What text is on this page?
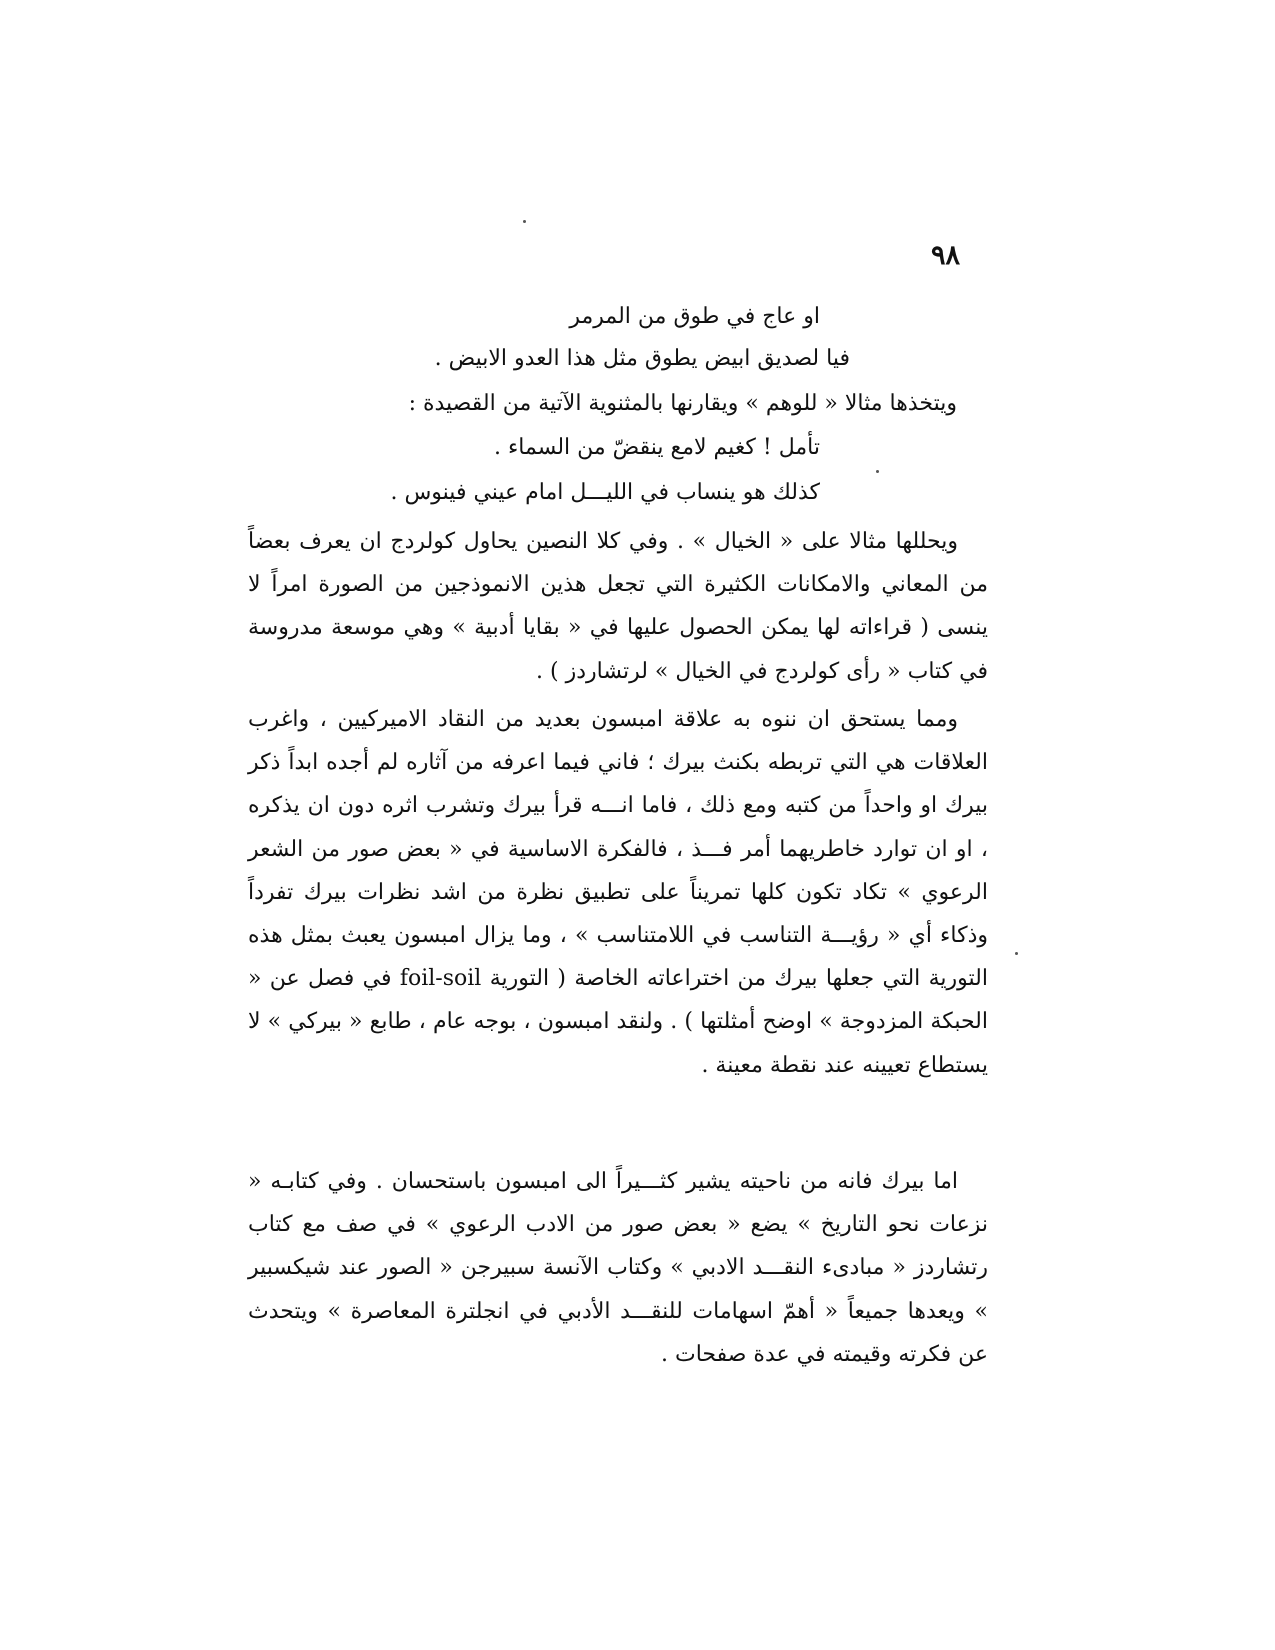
٩٨
او عاج في طوق من المرمر
فيا لصديق ابيض يطوق مثل هذا العدو الابيض .
ويتخذها مثالا « للوهم » ويقارنها بالمثنوية الآتية من القصيدة :
تأمل ! كغيم لامع ينقضّ من السماء .
كذلك هو ينساب في الليـــل امام عيني فينوس .
ويحللها مثالا على « الخيال » . وفي كلا النصين يحاول كولردج ان يعرف بعضاً من المعاني والامكانات الكثيرة التي تجعل هذين الانموذجين من الصورة امراً لا ينسى ( قراءاته لها يمكن الحصول عليها في « بقايا أدبية » وهي موسعة مدروسة في كتاب « رأى كولردج في الخيال » لرتشاردز ) .
ومما يستحق ان ننوه به علاقة امبسون بعديد من النقاد الاميركيين ، واغرب العلاقات هي التي تربطه بكنث بيرك ؛ فاني فيما اعرفه من آثاره لم أجده ابداً ذكر بيرك او واحداً من كتبه ومع ذلك ، فاما انـــه قرأ بيرك وتشرب اثره دون ان يذكره ، او ان توارد خاطريهما أمر فـــذ ، فالفكرة الاساسية في « بعض صور من الشعر الرعوي » تكاد تكون كلها تمريناً على تطبيق نظرة من اشد نظرات بيرك تفرداً وذكاء أي « رؤيـــة التناسب في اللامتناسب » ، وما يزال امبسون يعبث بمثل هذه التورية التي جعلها بيرك من اختراعاته الخاصة ( التورية foil-soil في فصل عن « الحبكة المزدوجة » اوضح أمثلتها ) . ولنقد امبسون ، بوجه عام ، طابع « بيركي » لا يستطاع تعيينه عند نقطة معينة .
اما بيرك فانه من ناحيته يشير كثـــيراً الى امبسون باستحسان . وفي كتابـه « نزعات نحو التاريخ » يضع « بعض صور من الادب الرعوي » في صف مع كتاب رتشاردز « مبادىء النقـــد الادبي » وكتاب الآنسة سبيرجن « الصور عند شيكسبير » ويعدها جميعاً « أهمّ اسهامات للنقـــد الأدبي في انجلترة المعاصرة » ويتحدث عن فكرته وقيمته في عدة صفحات .
